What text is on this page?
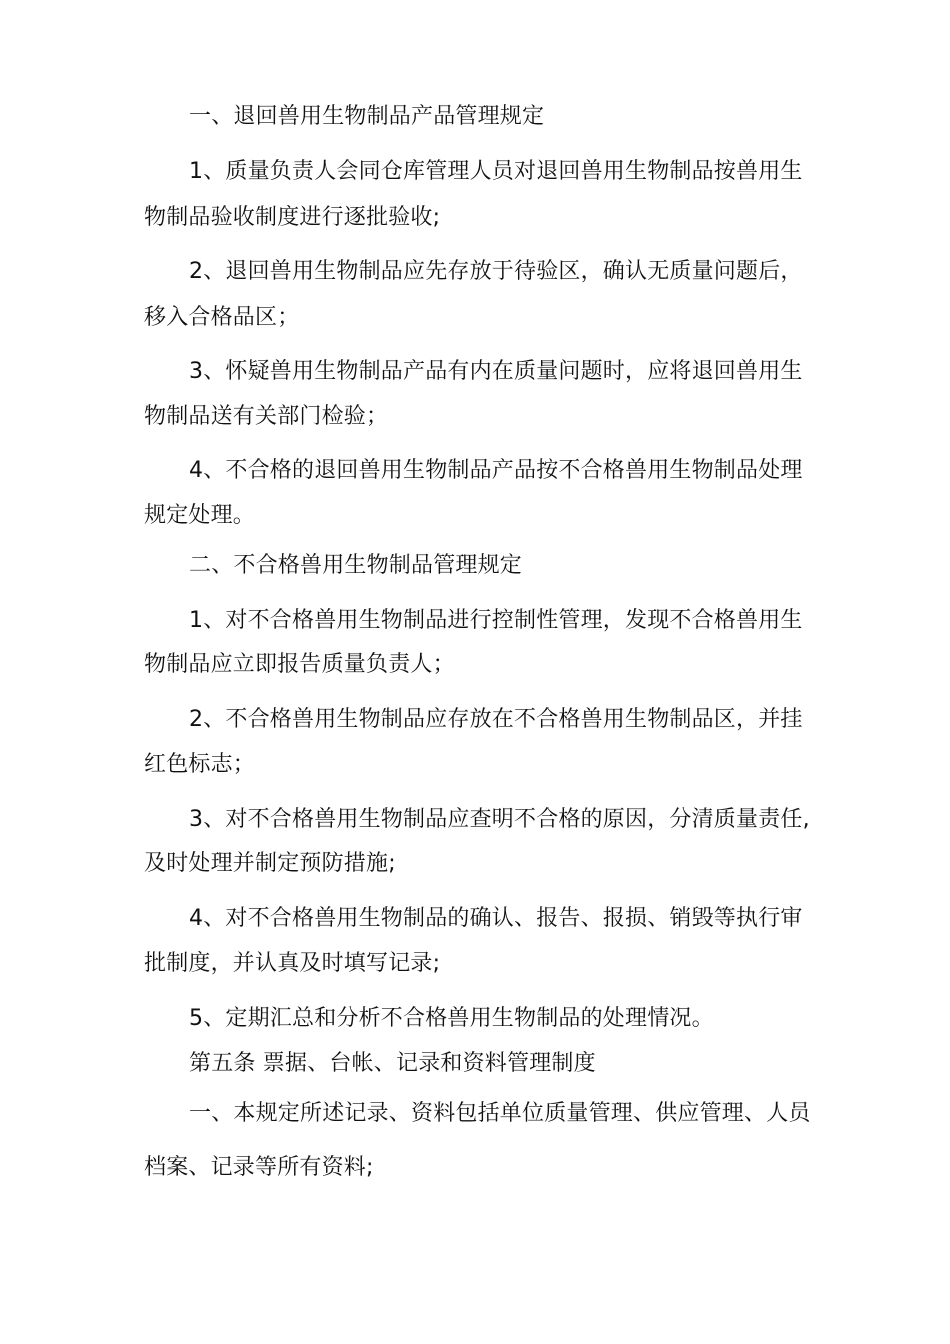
一、退回兽用生物制品产品管理规定
1、质量负责人会同仓库管理人员对退回兽用生物制品按兽用生
物制品验收制度进行逐批验收;
2、退回兽用生物制品应先存放于待验区，确认无质量问题后，
移入合格品区；
3、怀疑兽用生物制品产品有内在质量问题时，应将退回兽用生
物制品送有关部门检验；
4、不合格的退回兽用生物制品产品按不合格兽用生物制品处理
规定处理。
二、不合格兽用生物制品管理规定
1、对不合格兽用生物制品进行控制性管理，发现不合格兽用生
物制品应立即报告质量负责人；
2、不合格兽用生物制品应存放在不合格兽用生物制品区，并挂
红色标志；
3、对不合格兽用生物制品应查明不合格的原因，分清质量责任,
及时处理并制定预防措施;
4、对不合格兽用生物制品的确认、报告、报损、销毁等执行审
批制度，并认真及时填写记录;
5、定期汇总和分析不合格兽用生物制品的处理情况。
第五条 票据、台帐、记录和资料管理制度
一、本规定所述记录、资料包括单位质量管理、供应管理、人员
档案、记录等所有资料;
